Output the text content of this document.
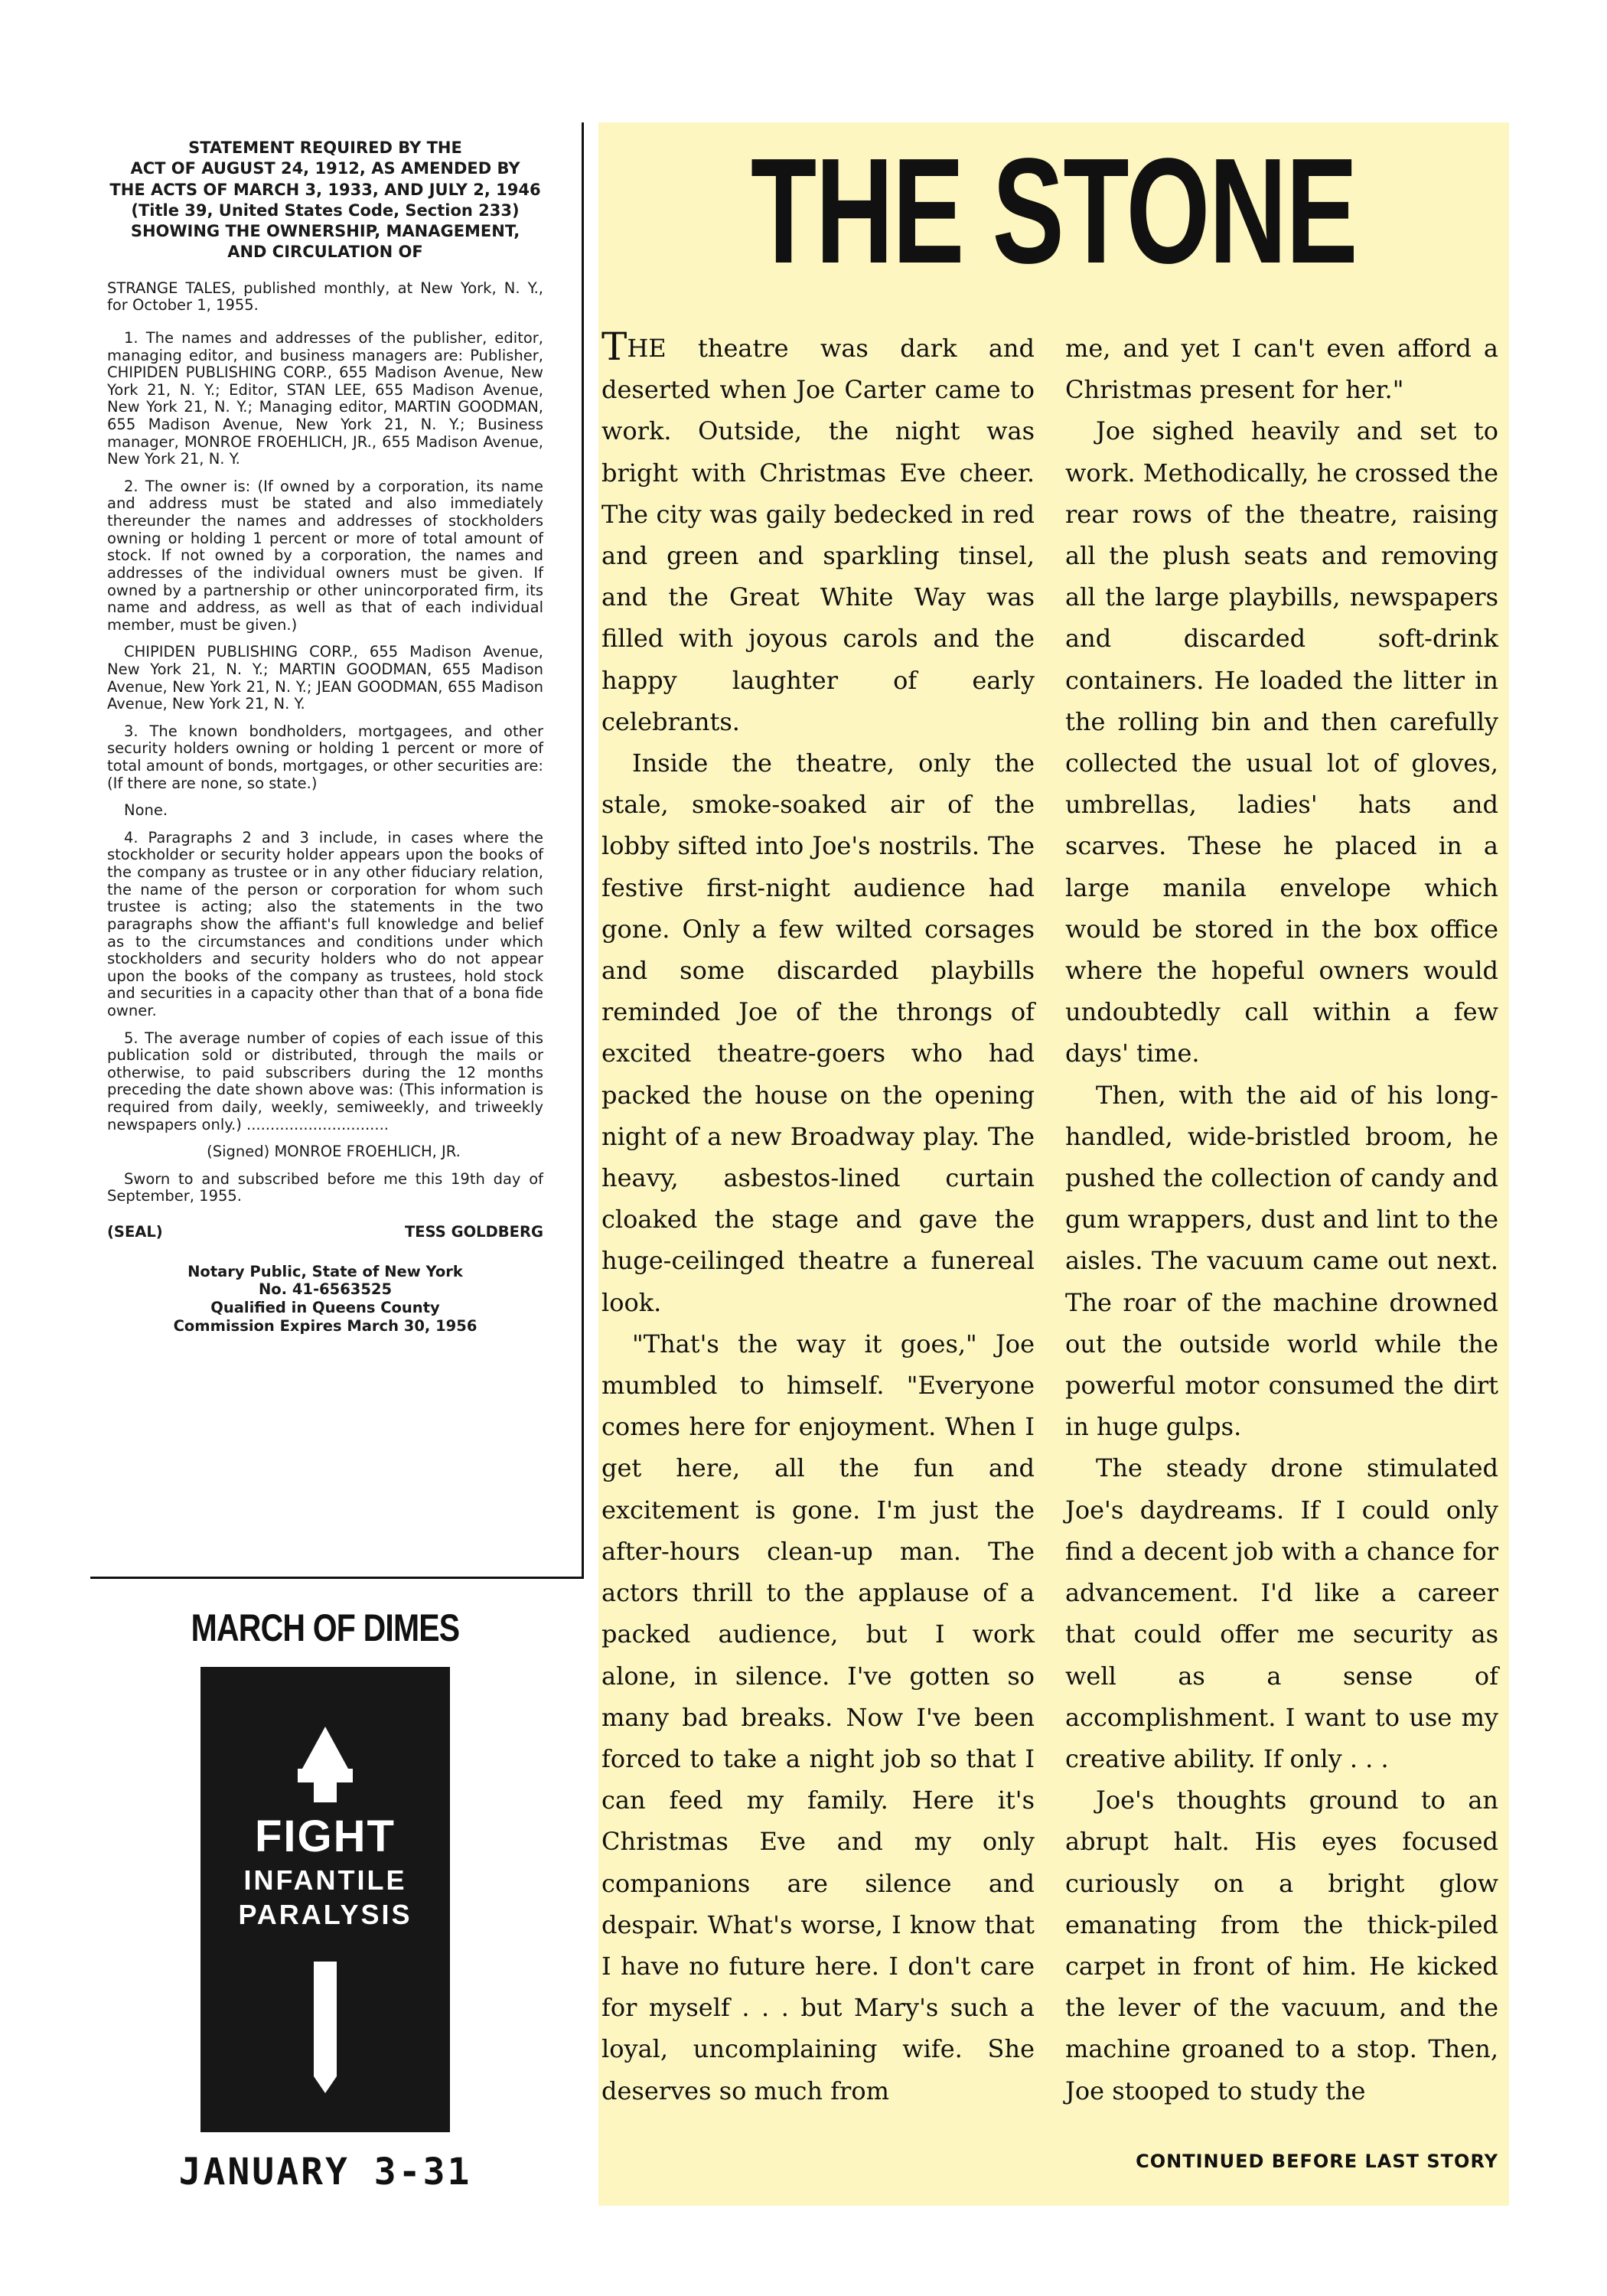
STATEMENT REQUIRED BY THE
ACT OF AUGUST 24, 1912, AS AMENDED BY
THE ACTS OF MARCH 3, 1933, AND JULY 2, 1946
(Title 39, United States Code, Section 233)
SHOWING THE OWNERSHIP, MANAGEMENT,
AND CIRCULATION OF

STRANGE TALES, published monthly, at New York, N. Y., for October 1, 1955.

1. The names and addresses of the publisher, editor, managing editor, and business managers are: Publisher, CHIPIDEN PUBLISHING CORP., 655 Madison Avenue, New York 21, N. Y.; Editor, STAN LEE, 655 Madison Avenue, New York 21, N. Y.; Managing editor, MARTIN GOODMAN, 655 Madison Avenue, New York 21, N. Y.; Business manager, MONROE FROEHLICH, JR., 655 Madison Avenue, New York 21, N. Y.

2. The owner is: (If owned by a corporation, its name and address must be stated and also immediately thereunder the names and addresses of stockholders owning or holding 1 percent or more of total amount of stock. If not owned by a corporation, the names and addresses of the individual owners must be given. If owned by a partnership or other unincorporated firm, its name and address, as well as that of each individual member, must be given.)

CHIPIDEN PUBLISHING CORP., 655 Madison Avenue, New York 21, N. Y.; MARTIN GOODMAN, 655 Madison Avenue, New York 21, N. Y.; JEAN GOODMAN, 655 Madison Avenue, New York 21, N. Y.

3. The known bondholders, mortgagees, and other security holders owning or holding 1 percent or more of total amount of bonds, mortgages, or other securities are: (If there are none, so state.)

None.

4. Paragraphs 2 and 3 include, in cases where the stockholder or security holder appears upon the books of the company as trustee or in any other fiduciary relation, the name of the person or corporation for whom such trustee is acting; also the statements in the two paragraphs show the affiant's full knowledge and belief as to the circumstances and conditions under which stockholders and security holders who do not appear upon the books of the company as trustees, hold stock and securities in a capacity other than that of a bona fide owner.

5. The average number of copies of each issue of this publication sold or distributed, through the mails or otherwise, to paid subscribers during the 12 months preceding the date shown above was: (This information is required from daily, weekly, semiweekly, and triweekly newspapers only.) ..............................

(Signed) MONROE FROEHLICH, JR.

Sworn to and subscribed before me this 19th day of September, 1955.

(SEAL)	TESS GOLDBERG
Notary Public, State of New York
No. 41-6563525
Qualified in Queens County
Commission Expires March 30, 1956
MARCH OF DIMES
FIGHT
INFANTILE
PARALYSIS
JANUARY 3-31
THE STONE

THE theatre was dark and deserted when Joe Carter came to work. Outside, the night was bright with Christmas Eve cheer. The city was gaily bedecked in red and green and sparkling tinsel, and the Great White Way was filled with joyous carols and the happy laughter of early celebrants.

Inside the theatre, only the stale, smoke-soaked air of the lobby sifted into Joe's nostrils. The festive first-night audience had gone. Only a few wilted corsages and some discarded playbills reminded Joe of the throngs of excited theatre-goers who had packed the house on the opening night of a new Broadway play. The heavy, asbestos-lined curtain cloaked the stage and gave the huge-ceilinged theatre a funereal look.

"That's the way it goes," Joe mumbled to himself. "Everyone comes here for enjoyment. When I get here, all the fun and excitement is gone. I'm just the after-hours clean-up man. The actors thrill to the applause of a packed audience, but I work alone, in silence. I've gotten so many bad breaks. Now I've been forced to take a night job so that I can feed my family. Here it's Christmas Eve and my only companions are silence and despair. What's worse, I know that I have no future here. I don't care for myself . . . but Mary's such a loyal, uncomplaining wife. She deserves so much from

me, and yet I can't even afford a Christmas present for her."

Joe sighed heavily and set to work. Methodically, he crossed the rear rows of the theatre, raising all the plush seats and removing all the large playbills, newspapers and discarded soft-drink containers. He loaded the litter in the rolling bin and then carefully collected the usual lot of gloves, umbrellas, ladies' hats and scarves. These he placed in a large manila envelope which would be stored in the box office where the hopeful owners would undoubtedly call within a few days' time.

Then, with the aid of his long-handled, wide-bristled broom, he pushed the collection of candy and gum wrappers, dust and lint to the aisles. The vacuum came out next. The roar of the machine drowned out the outside world while the powerful motor consumed the dirt in huge gulps.

The steady drone stimulated Joe's daydreams. If I could only find a decent job with a chance for advancement. I'd like a career that could offer me security as well as a sense of accomplishment. I want to use my creative ability. If only . . .

Joe's thoughts ground to an abrupt halt. His eyes focused curiously on a bright glow emanating from the thick-piled carpet in front of him. He kicked the lever of the vacuum, and the machine groaned to a stop. Then, Joe stooped to study the

CONTINUED BEFORE LAST STORY
